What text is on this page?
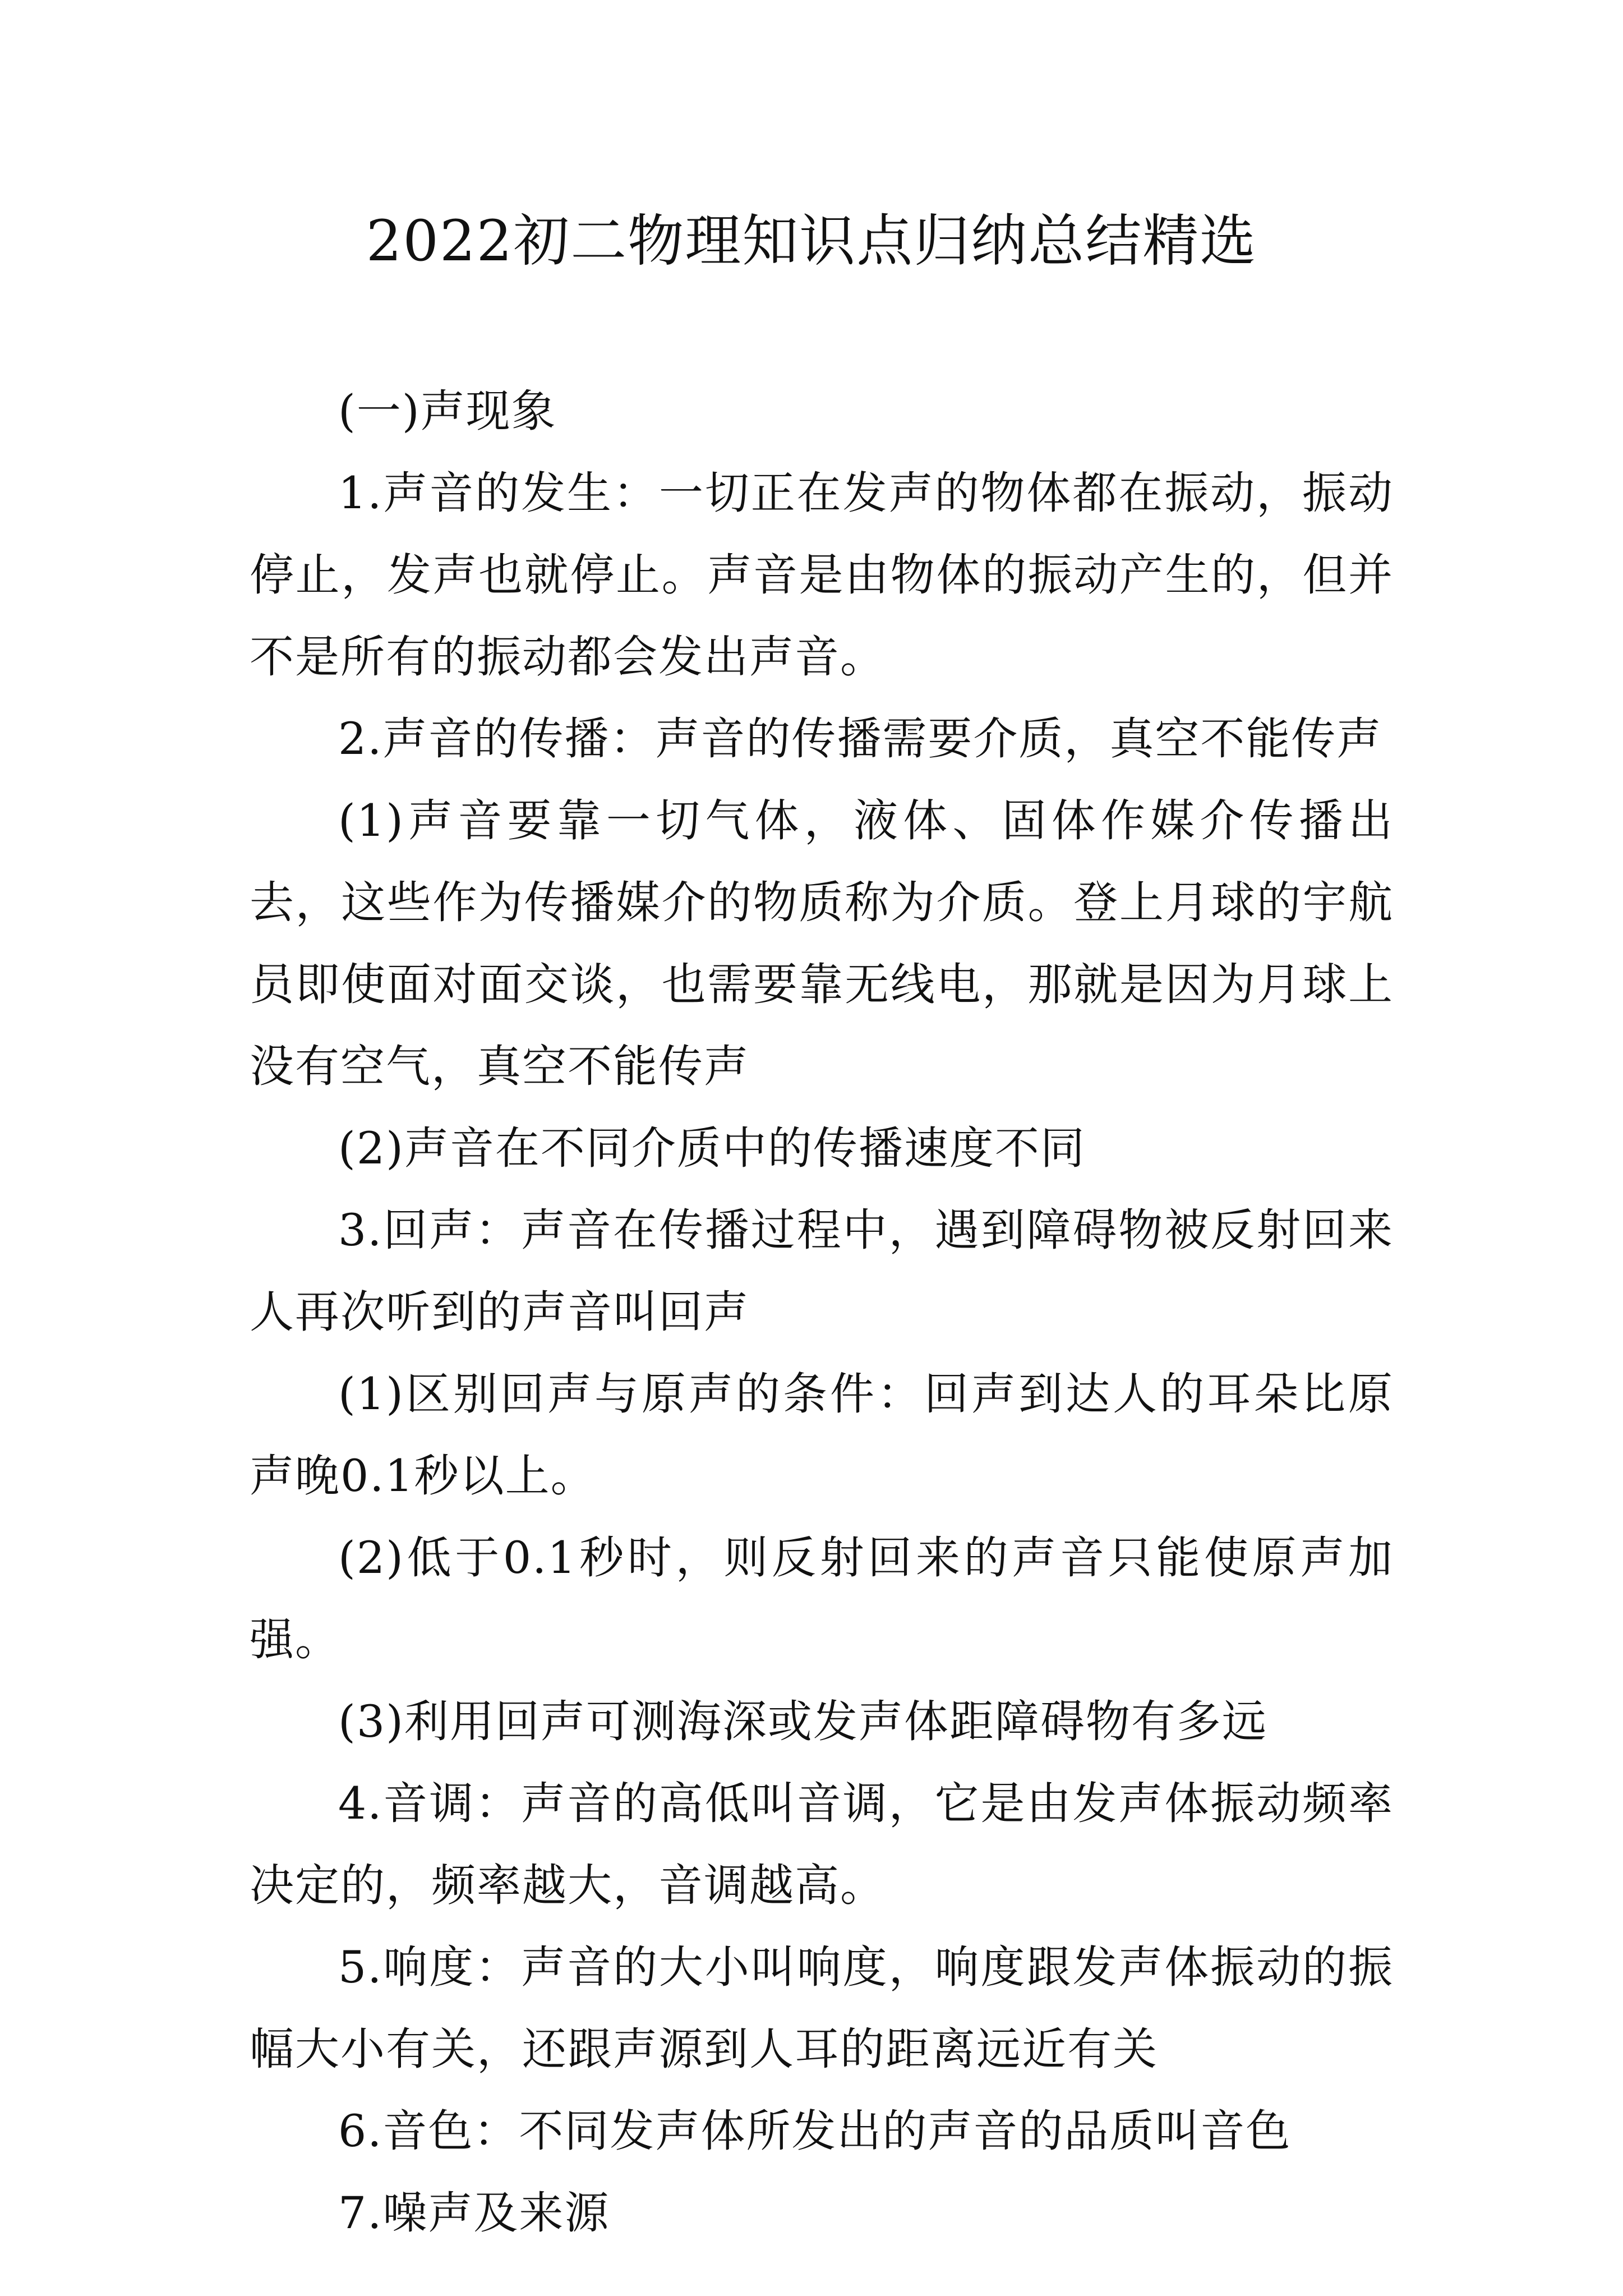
2022初二物理知识点归纳总结精选

(一)声现象

1.声音的发生：一切正在发声的物体都在振动，振动停止，发声也就停止。声音是由物体的振动产生的，但并不是所有的振动都会发出声音。

2.声音的传播：声音的传播需要介质，真空不能传声

(1)声音要靠一切气体，液体、固体作媒介传播出去，这些作为传播媒介的物质称为介质。登上月球的宇航员即使面对面交谈，也需要靠无线电，那就是因为月球上没有空气，真空不能传声

(2)声音在不同介质中的传播速度不同

3.回声：声音在传播过程中，遇到障碍物被反射回来人再次听到的声音叫回声

(1)区别回声与原声的条件：回声到达人的耳朵比原声晚0.1秒以上。

(2)低于0.1秒时，则反射回来的声音只能使原声加强。

(3)利用回声可测海深或发声体距障碍物有多远

4.音调：声音的高低叫音调，它是由发声体振动频率决定的，频率越大，音调越高。

5.响度：声音的大小叫响度，响度跟发声体振动的振幅大小有关，还跟声源到人耳的距离远近有关

6.音色：不同发声体所发出的声音的品质叫音色

7.噪声及来源
